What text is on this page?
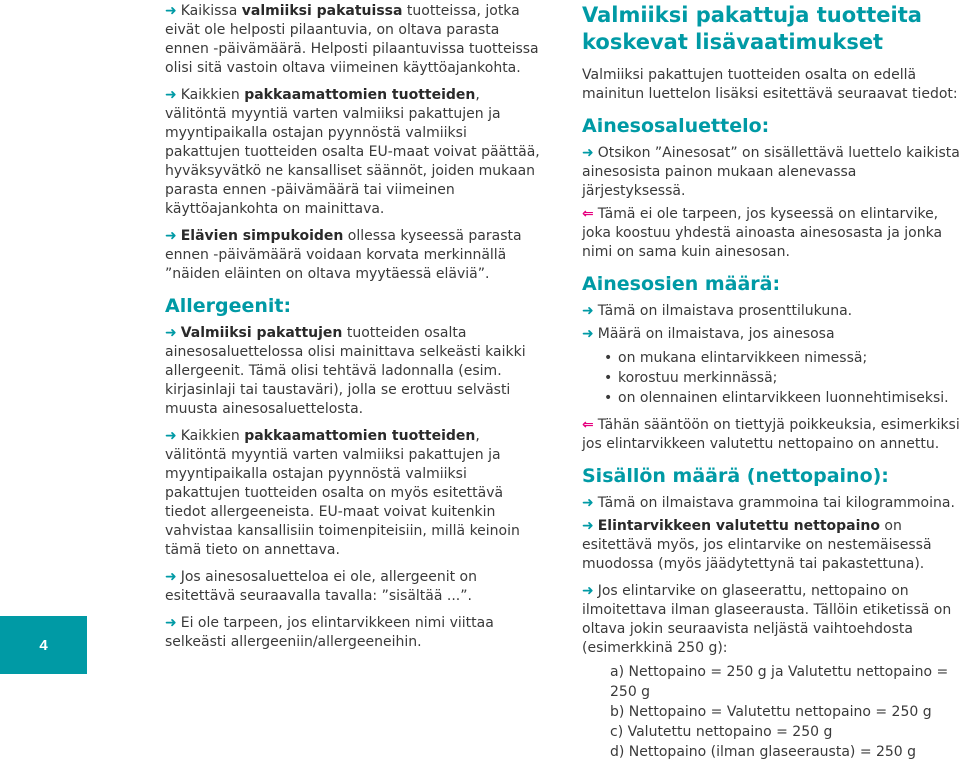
4

➜ Kaikissa valmiiksi pakatuissa tuotteissa, jotka eivät ole helposti pilaantuvia, on oltava parasta ennen -päivämäärä. Helposti pilaantuvissa tuotteissa olisi sitä vastoin oltava viimeinen käyttöajankohta.

➜ Kaikkien pakkaamattomien tuotteiden, välitöntä myyntiä varten valmiiksi pakattujen ja myyntipaikalla ostajan pyynnöstä valmiiksi pakattujen tuotteiden osalta EU-maat voivat päättää, hyväksyvätkö ne kansalliset säännöt, joiden mukaan parasta ennen -päivämäärä tai viimeinen käyttöajankohta on mainittava.

➜ Elävien simpukoiden ollessa kyseessä parasta ennen -päivämäärä voidaan korvata merkinnällä ”näiden eläinten on oltava myytäessä eläviä”.

Allergeenit:

➜ Valmiiksi pakattujen tuotteiden osalta ainesosaluettelossa olisi mainittava selkeästi kaikki allergeenit. Tämä olisi tehtävä ladonnalla (esim. kirjasinlaji tai taustaväri), jolla se erottuu selvästi muusta ainesosaluettelosta.

➜ Kaikkien pakkaamattomien tuotteiden, välitöntä myyntiä varten valmiiksi pakattujen ja myyntipaikalla ostajan pyynnöstä valmiiksi pakattujen tuotteiden osalta on myös esitettävä tiedot allergeeneista. EU-maat voivat kuitenkin vahvistaa kansallisiin toimenpiteisiin, millä keinoin tämä tieto on annettava.

➜ Jos ainesosaluetteloa ei ole, allergeenit on esitettävä seuraavalla tavalla: ”sisältää ...”.

➜ Ei ole tarpeen, jos elintarvikkeen nimi viittaa selkeästi allergeeniin/allergeeneihin.

Valmiiksi pakattuja tuotteita koskevat lisävaatimukset

Valmiiksi pakattujen tuotteiden osalta on edellä mainitun luettelon lisäksi esitettävä seuraavat tiedot:

Ainesosaluettelo:

➜ Otsikon ”Ainesosat” on sisällettävä luettelo kaikista ainesosista painon mukaan alenevassa järjestyksessä.

⇐ Tämä ei ole tarpeen, jos kyseessä on elintarvike, joka koostuu yhdestä ainoasta ainesosasta ja jonka nimi on sama kuin ainesosan.

Ainesosien määrä:

➜ Tämä on ilmaistava prosenttilukuna.

➜ Määrä on ilmaistava, jos ainesosa

• on mukana elintarvikkeen nimessä;
• korostuu merkinnässä;
• on olennainen elintarvikkeen luonnehtimiseksi.

⇐ Tähän sääntöön on tiettyjä poikkeuksia, esimerkiksi jos elintarvikkeen valutettu nettopaino on annettu.

Sisällön määrä (nettopaino):

➜ Tämä on ilmaistava grammoina tai kilogrammoina.

➜ Elintarvikkeen valutettu nettopaino on esitettävä myös, jos elintarvike on nestemäisessä muodossa (myös jäädytettynä tai pakastettuna).

➜ Jos elintarvike on glaseerattu, nettopaino on ilmoitettava ilman glaseerausta. Tällöin etiketissä on oltava jokin seuraavista neljästä vaihtoehdosta (esimerkkinä 250 g):

a) Nettopaino = 250 g ja Valutettu nettopaino = 250 g

b) Nettopaino = Valutettu nettopaino = 250 g

c) Valutettu nettopaino = 250 g

d) Nettopaino (ilman glaseerausta) = 250 g
